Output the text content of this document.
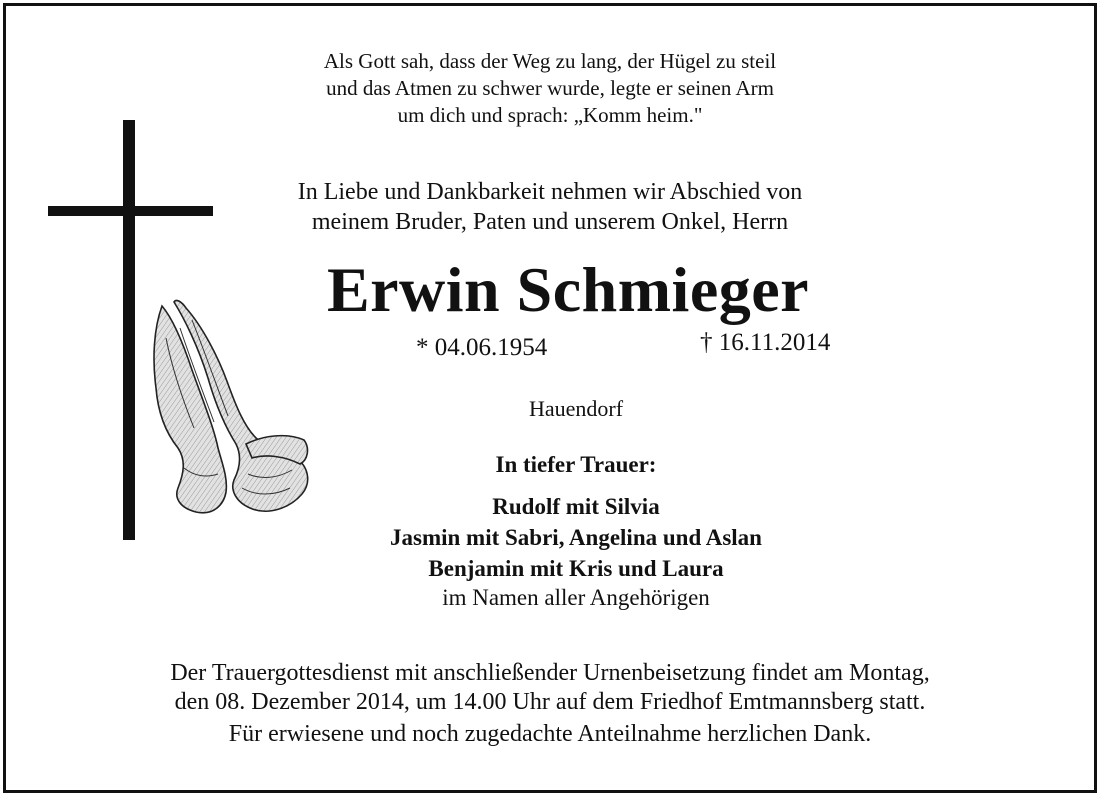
Als Gott sah, dass der Weg zu lang, der Hügel zu steil
und das Atmen zu schwer wurde, legte er seinen Arm
um dich und sprach: „Komm heim."
In Liebe und Dankbarkeit nehmen wir Abschied von
meinem Bruder, Paten und unserem Onkel, Herrn
Erwin Schmieger
* 04.06.1954	† 16.11.2014
Hauendorf
In tiefer Trauer:
Rudolf mit Silvia
Jasmin mit Sabri, Angelina und Aslan
Benjamin mit Kris und Laura
im Namen aller Angehörigen
Der Trauergottesdienst mit anschließender Urnenbeisetzung findet am Montag,
den 08. Dezember 2014, um 14.00 Uhr auf dem Friedhof Emtmannsberg statt.
Für erwiesene und noch zugedachte Anteilnahme herzlichen Dank.
